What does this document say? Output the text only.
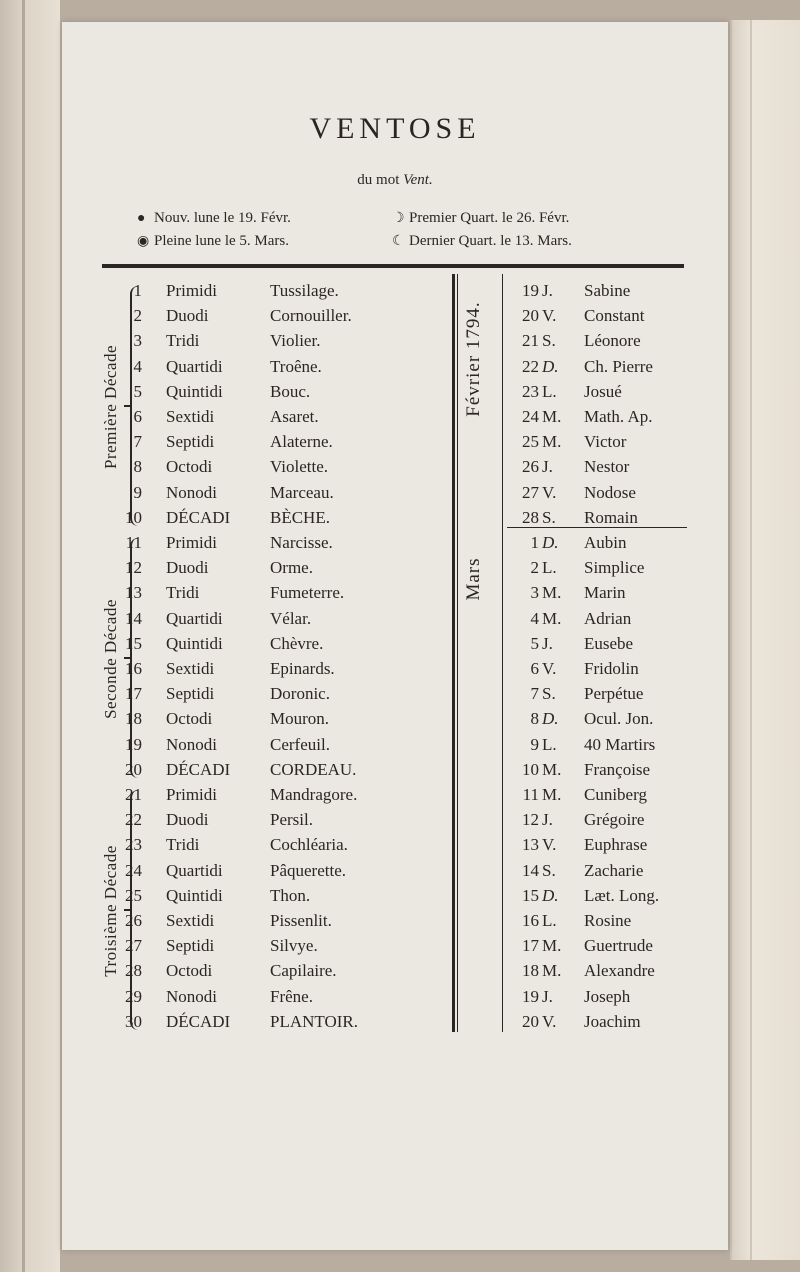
VENTOSE
du mot Vent.
● Nouv. lune le 19. Févr.	☽ Premier Quart. le 26. Févr.
◉ Pleine lune le 5. Mars.	☾ Dernier Quart. le 13. Mars.
Première Décade
Seconde Décade
Troisième Décade
Février 1794.
Mars
1 Primidi	Tussilage.	19 J. Sabine
2 Duodi	Cornouiller.	20 V. Constant
3 Tridi	Violier.	21 S. Léonore
4 Quartidi	Troêne.	22 D. Ch. Pierre
5 Quintidi	Bouc.	23 L. Josué
6 Sextidi	Asaret.	24 M. Math. Ap.
7 Septidi	Alaterne.	25 M. Victor
8 Octodi	Violette.	26 J. Nestor
9 Nonodi	Marceau.	27 V. Nodose
10 DÉCADI BÈCHE.	28 S. Romain
11 Primidi	Narcisse.	1 D. Aubin
12 Duodi	Orme.	2 L. Simplice
13 Tridi	Fumeterre.	3 M. Marin
14 Quartidi	Vélar.	4 M. Adrian
15 Quintidi	Chèvre.	5 J. Eusebe
16 Sextidi	Epinards.	6 V. Fridolin
17 Septidi	Doronic.	7 S. Perpétue
18 Octodi	Mouron.	8 D. Ocul. Jon.
19 Nonodi	Cerfeuil.	9 L. 40 Martirs
20 DÉCADI CORDEAU.	10 M. Françoise
21 Primidi	Mandragore.	11 M. Cuniberg
22 Duodi	Persil.	12 J. Grégoire
23 Tridi	Cochléaria.	13 V. Euphrase
24 Quartidi	Pâquerette.	14 S. Zacharie
25 Quintidi	Thon.	15 D. Læt. Long.
26 Sextidi	Pissenlit.	16 L. Rosine
27 Septidi	Silvye.	17 M. Guertrude
28 Octodi	Capilaire.	18 M. Alexandre
29 Nonodi	Frêne.	19 J. Joseph
30 DÉCADI PLANTOIR.	20 V. Joachim
